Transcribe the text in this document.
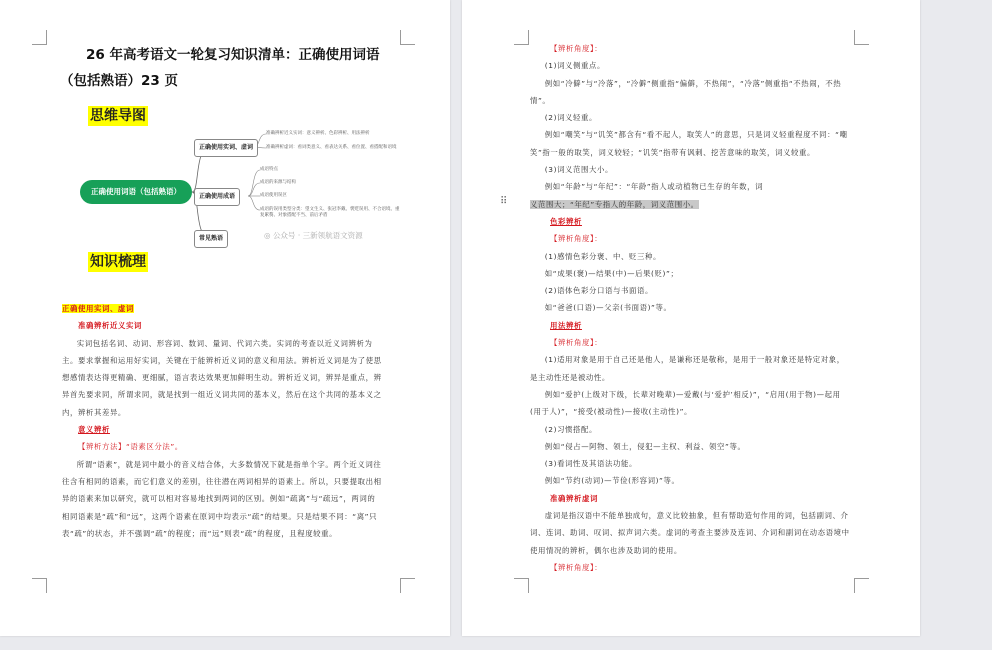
26 年高考语文一轮复习知识清单：正确使用词语
（包括熟语）23 页
思维导图
正确使用词语（包括熟语）
正确使用实词、虚词
正确使用成语
常见熟语
准确辨析近义实词：意义辨析、色彩辨析、用法辨析
准确辨析虚词：看词类意义、看表达关系、看位置、看搭配和语境
成语特点
成语的来源与结构
成语使用误区
成语的误用类型分类：望文生义、张冠李戴、褒贬误用、不合语境、重复累赘、对象搭配不当、前后矛盾
◎ 公众号 · 三新领航语文资源
知识梳理
正确使用实词、虚词
准确辨析近义实词
实词包括名词、动词、形容词、数词、量词、代词六类。实词的考查以近义词辨析为主。要求掌握和运用好实词，关键在于能辨析近义词的意义和用法。辨析近义词是为了使思想感情表达得更精确、更细腻，语言表达效果更加鲜明生动。辨析近义词，辨异是重点，辨异首先要求同，所谓求同，就是找到一组近义词共同的基本义，然后在这个共同的基本义之内，辨析其差异。
意义辨析
【辨析方法】“语素区分法”。
所谓“语素”，就是词中最小的音义结合体，大多数情况下就是指单个字。两个近义词往往含有相同的语素，而它们意义的差别，往往潜在两词相异的语素上。所以，只要提取出相异的语素来加以研究，就可以相对容易地找到两词的区别。例如“疏离”与“疏远”，两词的相同语素是“疏”和“远”，这两个语素在原词中均表示“疏”的结果。只是结果不同：“离”只表“疏”的状态，并不强调“疏”的程度；而“远”则表“疏”的程度，且程度较重。
【辨析角度】：
(1)词义侧重点。
例如“冷僻”与“冷落”，“冷僻”侧重指“偏僻，不热闹”，“冷落”侧重指“不热闹，不热情”。
(2)词义轻重。
例如“嘲笑”与“讥笑”都含有“看不起人，取笑人”的意思，只是词义轻重程度不同：“嘲笑”指一般的取笑，词义较轻；“讥笑”指带有讽刺、挖苦意味的取笑，词义较重。
(3)词义范围大小。
例如“年龄”与“年纪”：“年龄”指人或动植物已生存的年数，词
义范围大；“年纪”专指人的年龄，词义范围小。
色彩辨析
【辨析角度】：
(1)感情色彩分褒、中、贬三种。
如“成果(褒)—结果(中)—后果(贬)”；
(2)语体色彩分口语与书面语。
如“爸爸(口语)—父亲(书面语)”等。
用法辨析
【辨析角度】：
(1)适用对象是用于自己还是他人，是谦称还是敬称，是用于一般对象还是特定对象，是主动性还是被动性。
例如“爱护(上级对下级，长辈对晚辈)—爱戴(与‘爱护’相反)”，“启用(用于物)—起用(用于人)”，“接受(被动性)—接收(主动性)”。
(2)习惯搭配。
例如“侵占—阿物、领土，侵犯—主权、利益、领空”等。
(3)看词性及其语法功能。
例如“节约(动词)—节俭(形容词)”等。
准确辨析虚词
虚词是指汉语中不能单独成句，意义比较抽象，但有帮助造句作用的词，包括副词、介词、连词、助词、叹词、拟声词六类。虚词的考查主要涉及连词、介词和副词在动态语境中使用情况的辨析，偶尔也涉及助词的使用。
【辨析角度】：
⠿
